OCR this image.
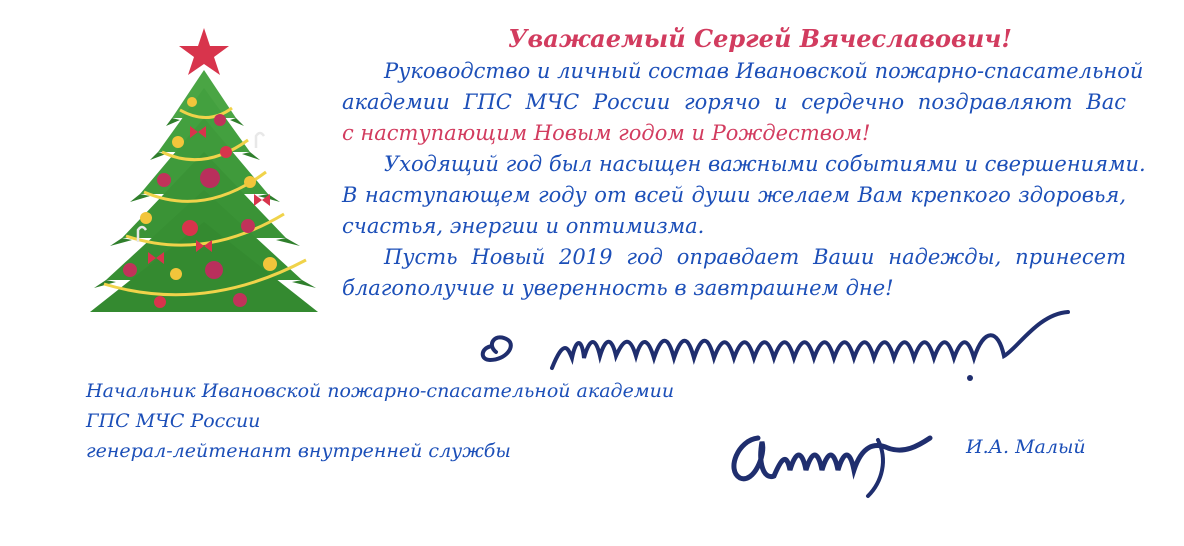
Уважаемый Сергей Вячеславович!

Руководство и личный состав Ивановской пожарно-спасательной
академии ГПС МЧС России горячо и сердечно поздравляют Вас
с наступающим Новым годом и Рождеством!
Уходящий год был насыщен важными событиями и свершениями.
В наступающем году от всей души желаем Вам крепкого здоровья,
счастья, энергии и оптимизма.
Пусть Новый 2019 год оправдает Ваши надежды, принесет
благополучие и уверенность в завтрашнем дне!
Начальник Ивановской пожарно-спасательной академии
ГПС МЧС России
генерал-лейтенант внутренней службы	И.А. Малый
